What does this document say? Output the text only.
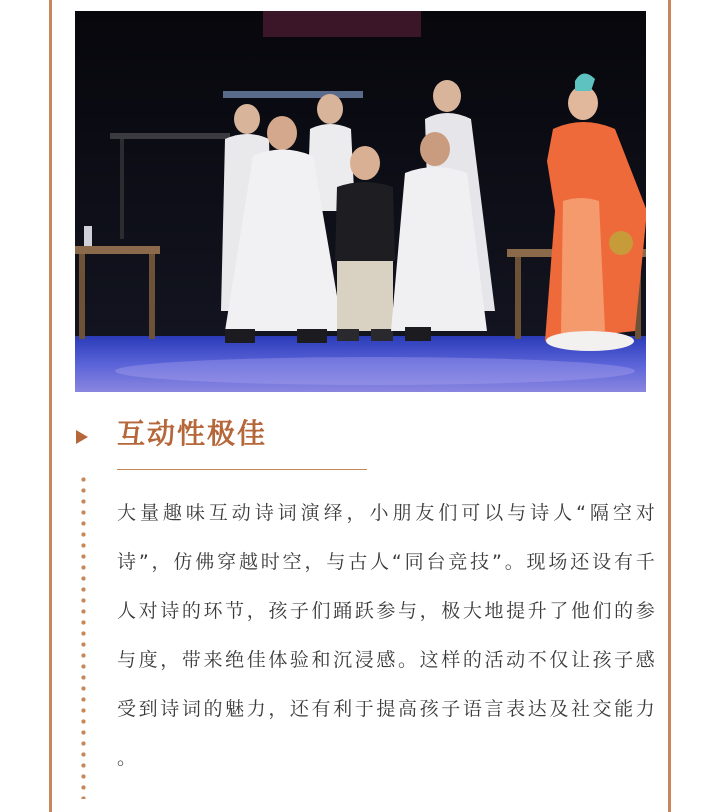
互动性极佳

大量趣味互动诗词演绎，小朋友们可以与诗人“隔空对诗”，仿佛穿越时空，与古人“同台竞技”。现场还设有千人对诗的环节，孩子们踊跃参与，极大地提升了他们的参与度，带来绝佳体验和沉浸感。这样的活动不仅让孩子感受到诗词的魅力，还有利于提高孩子语言表达及社交能力 。
